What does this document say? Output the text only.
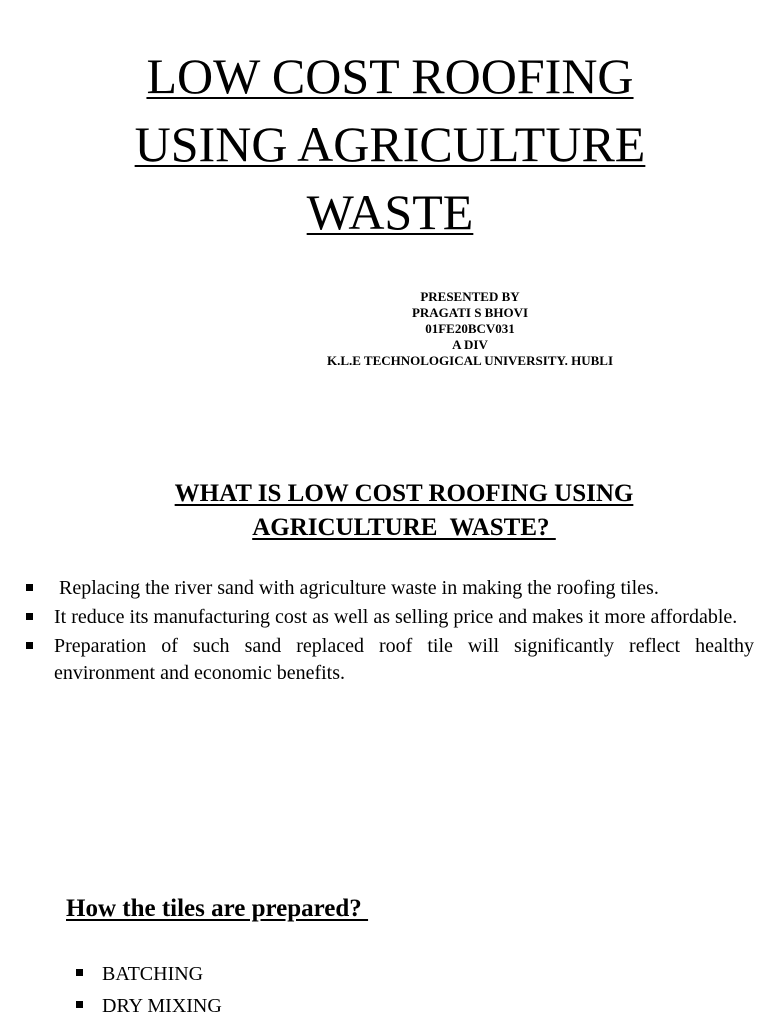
LOW COST ROOFING
USING AGRICULTURE
WASTE
PRESENTED BY
PRAGATI S BHOVI
01FE20BCV031
A DIV
K.L.E TECHNOLOGICAL UNIVERSITY. HUBLI
WHAT IS LOW COST ROOFING USING
AGRICULTURE  WASTE?
Replacing the river sand with agriculture waste in making the roofing tiles.
It reduce its manufacturing cost as well as selling price and makes it more affordable.
Preparation of such sand replaced roof tile will significantly reflect healthy environment and economic benefits.
How the tiles are prepared?
BATCHING
DRY MIXING
